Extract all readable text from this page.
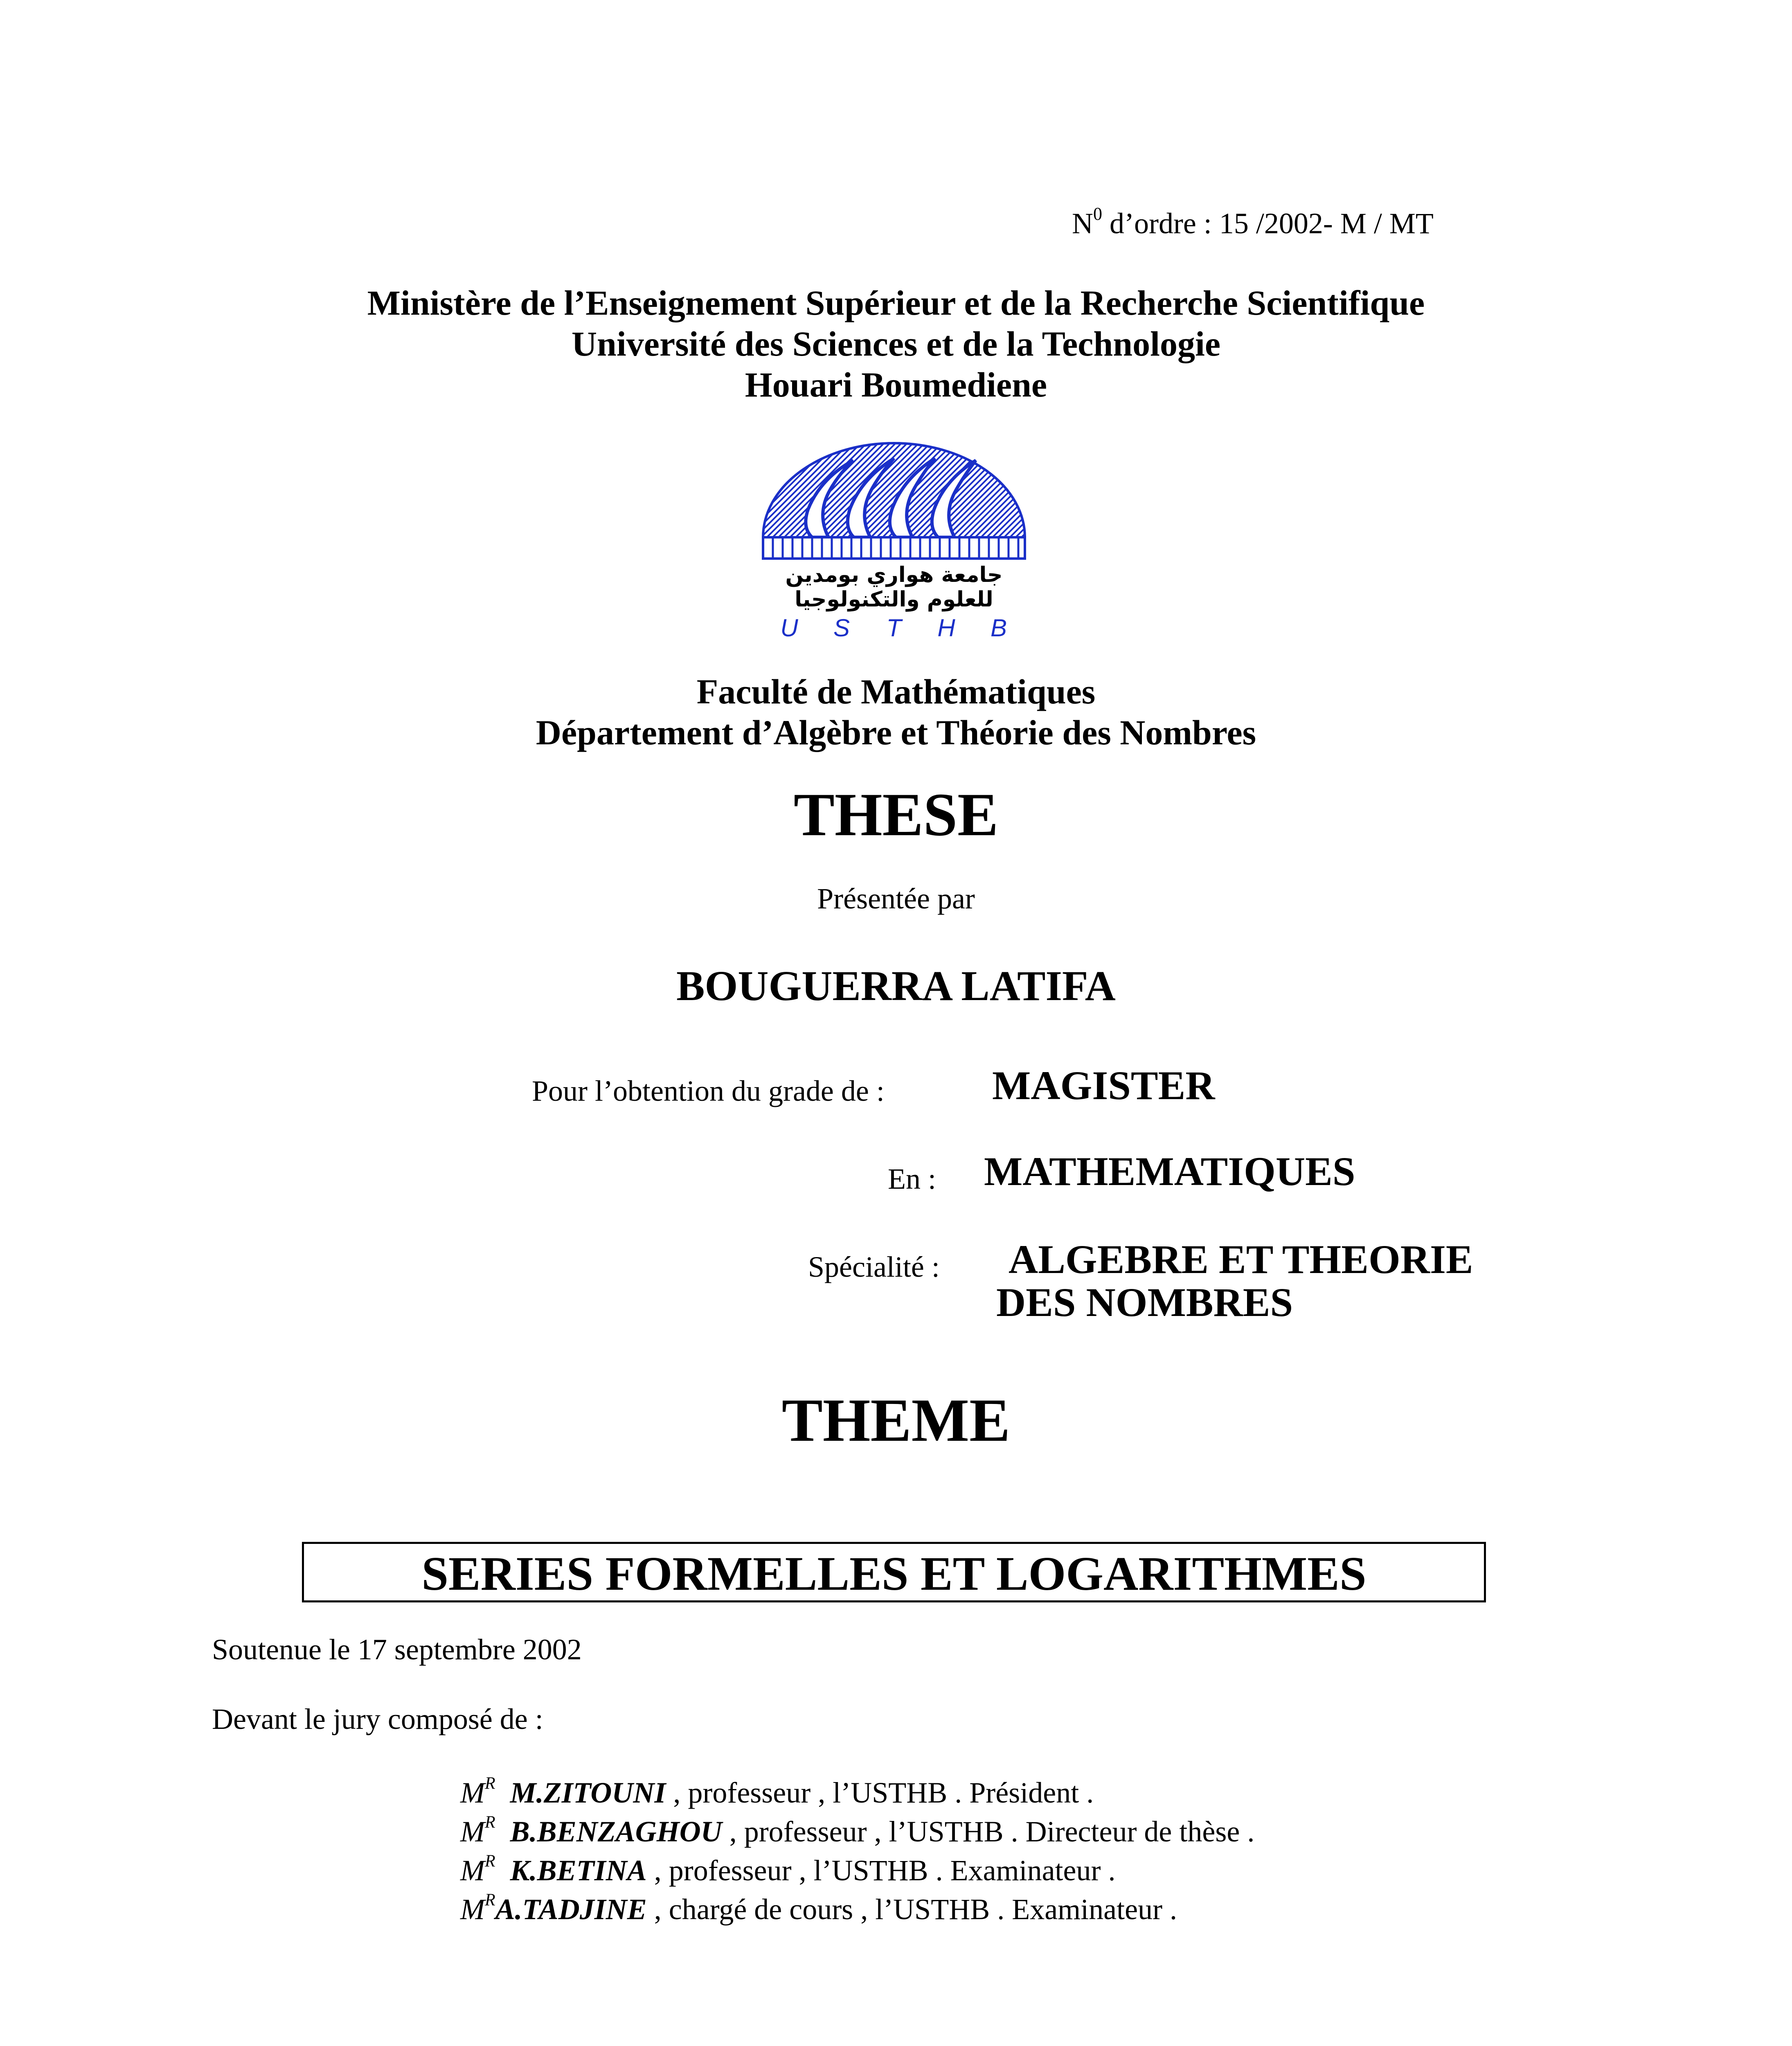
$N^0$ d’ordre : 15 /2002- M / MT
Ministère de l’Enseignement Supérieur et de la Recherche Scientifique
Université des Sciences et de la Technologie
Houari Boumediene
جامعة هواري بومدين
للعلوم والتكنولوجيا
U S T H B
Faculté de Mathématiques
Département d’Algèbre et Théorie des Nombres
THESE
Présentée par
BOUGUERRA LATIFA
Pour l’obtention du grade de :	MAGISTER
En : MATHEMATIQUES
Spécialité : ALGEBRE ET THEORIE
DES NOMBRES
THEME
SERIES FORMELLES ET LOGARITHMES
Soutenue le 17 septembre 2002
Devant le jury composé de :
$M^R$ M.ZITOUNI , professeur , l’USTHB . Président .
$M^R$ B.BENZAGHOU , professeur , l’USTHB . Directeur de thèse .
$M^R$ K.BETINA , professeur , l’USTHB . Examinateur .
$M^RA.TADJINE$ , chargé de cours , l’USTHB . Examinateur .
